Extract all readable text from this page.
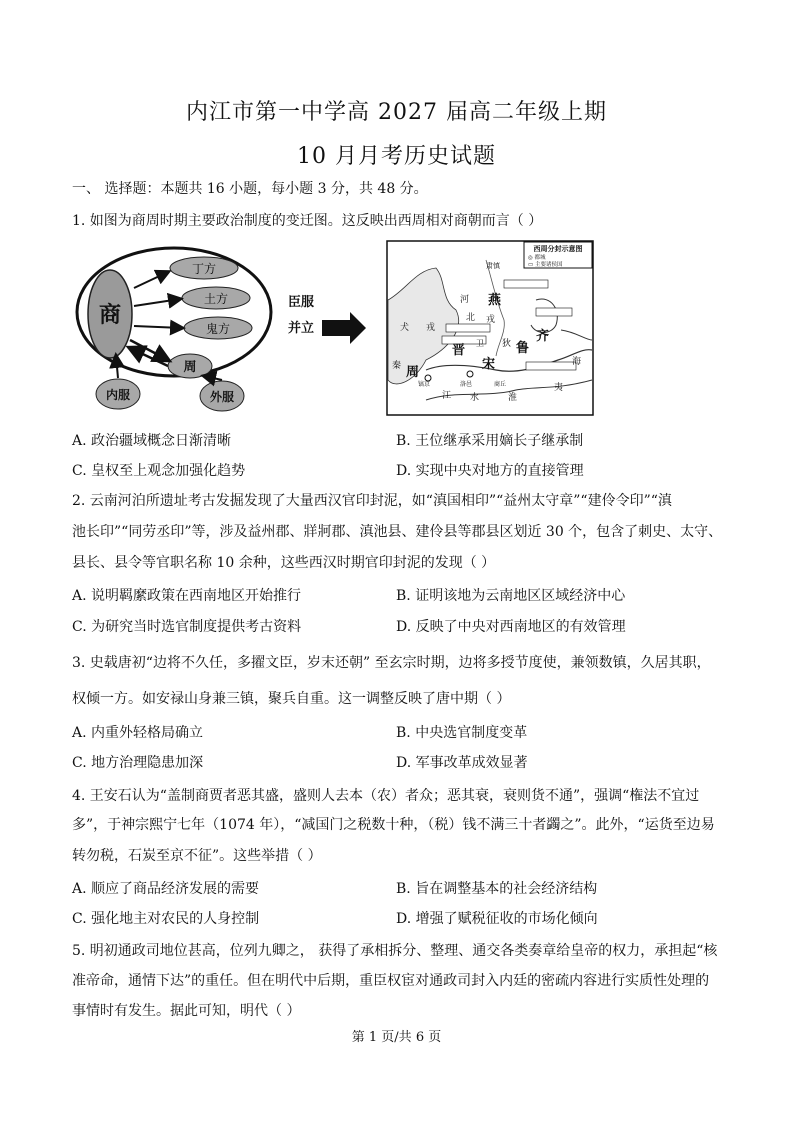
内江市第一中学高 2027 届高二年级上期
10 月月考历史试题
一、 选择题：本题共 16 小题，每小题 3 分，共 48 分。
1. 如图为商周时期主要政治制度的变迁图。这反映出西周相对商朝而言（ ）
商
丁方
土方
鬼方
周
内服	外服
臣服
并立
西周分封示意图
◎ 都城
▭ 主要诸侯国
肃慎
燕
河
北
犬 戎
戎
狄
晋
齐
鲁
宋
秦 周
镐京	洛邑	商丘
卫
海
淮
水
夷
江
A. 政治疆域概念日渐清晰	B. 王位继承采用嫡长子继承制
C. 皇权至上观念加强化趋势	D. 实现中央对地方的直接管理
2. 云南河泊所遗址考古发掘发现了大量西汉官印封泥，如“滇国相印”“益州太守章”“建伶令印”“滇
池长印”“同劳丞印”等，涉及益州郡、牂牁郡、滇池县、建伶县等郡县区划近 30 个，包含了刺史、太守、
县长、县令等官职名称 10 余种，这些西汉时期官印封泥的发现（ ）
A. 说明羁縻政策在西南地区开始推行	B. 证明该地为云南地区区域经济中心
C. 为研究当时选官制度提供考古资料	D. 反映了中央对西南地区的有效管理
3. 史载唐初“边将不久任，多擢文臣，岁末还朝” 至玄宗时期，边将多授节度使，兼领数镇，久居其职，
权倾一方。如安禄山身兼三镇，聚兵自重。这一调整反映了唐中期（ ）
A. 内重外轻格局确立	B. 中央选官制度变革
C. 地方治理隐患加深	D. 军事改革成效显著
4. 王安石认为“盖制商贾者恶其盛，盛则人去本（农）者众；恶其衰，衰则货不通”，强调“権法不宜过
多”，于神宗熙宁七年（1074 年），“减国门之税数十种，（税）钱不满三十者蠲之”。此外，“运货至边易
转勿税，石炭至京不征”。这些举措（ ）
A. 顺应了商品经济发展的需要	B. 旨在调整基本的社会经济结构
C. 强化地主对农民的人身控制	D. 增强了赋税征收的市场化倾向
5. 明初通政司地位甚高，位列九卿之， 获得了承相拆分、整理、通交各类奏章给皇帝的权力，承担起“核
准帝命，通情下达”的重任。但在明代中后期，重臣权宦对通政司封入内廷的密疏内容进行实质性处理的
事情时有发生。据此可知，明代（ ）
第 1 页/共 6 页
